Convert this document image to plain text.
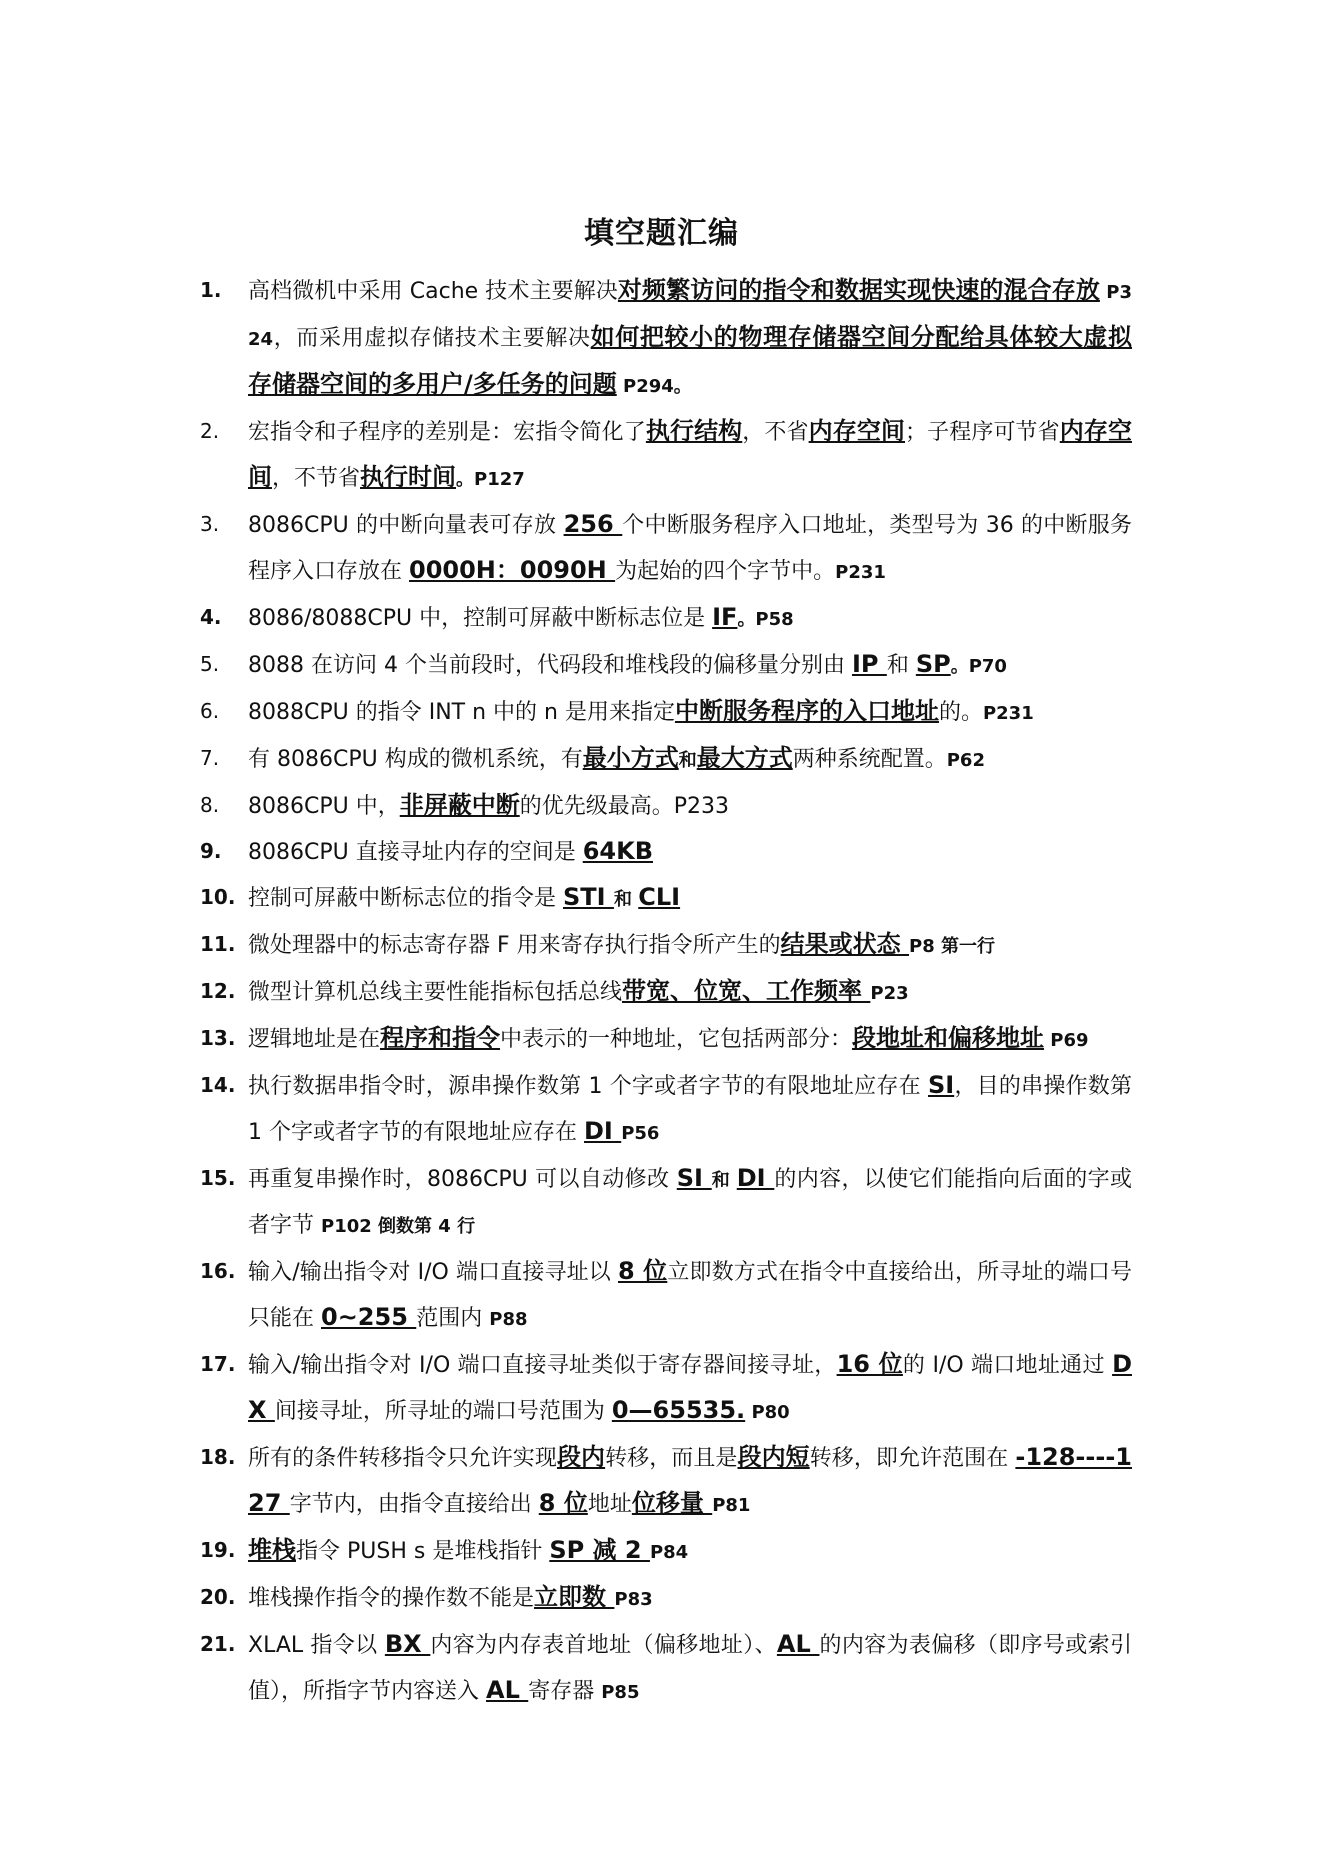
填空题汇编
1.	高档微机中采用 Cache 技术主要解决对频繁访问的指令和数据实现快速的混合存放 P324，而采用虚拟存储技术主要解决如何把较小的物理存储器空间分配给具体较大虚拟存储器空间的多用户/多任务的问题 P294。
2.	宏指令和子程序的差别是：宏指令简化了执行结构，不省内存空间；子程序可节省内存空间，不节省执行时间。P127
3.	8086CPU 的中断向量表可存放 256 个中断服务程序入口地址，类型号为 36 的中断服务程序入口存放在 0000H：0090H 为起始的四个字节中。P231
4.	8086/8088CPU 中，控制可屏蔽中断标志位是 IF。P58
5.	8088 在访问 4 个当前段时，代码段和堆栈段的偏移量分别由 IP 和 SP。P70
6.	8088CPU 的指令 INT n 中的 n 是用来指定中断服务程序的入口地址的。P231
7.	有 8086CPU 构成的微机系统，有最小方式和最大方式两种系统配置。P62
8.	8086CPU 中，非屏蔽中断的优先级最高。P233
9.	8086CPU 直接寻址内存的空间是 64KB
10. 控制可屏蔽中断标志位的指令是 STI 和 CLI
11. 微处理器中的标志寄存器 F 用来寄存执行指令所产生的结果或状态 P8 第一行
12. 微型计算机总线主要性能指标包括总线带宽、位宽、工作频率 P23
13. 逻辑地址是在程序和指令中表示的一种地址，它包括两部分：段地址和偏移地址 P69
14. 执行数据串指令时，源串操作数第 1 个字或者字节的有限地址应存在 SI，目的串操作数第 1 个字或者字节的有限地址应存在 DI P56
15. 再重复串操作时，8086CPU 可以自动修改 SI 和 DI 的内容，以使它们能指向后面的字或者字节 P102 倒数第 4 行
16. 输入/输出指令对 I/O 端口直接寻址以 8 位立即数方式在指令中直接给出，所寻址的端口号只能在 0~255 范围内 P88
17. 输入/输出指令对 I/O 端口直接寻址类似于寄存器间接寻址，16 位的 I/O 端口地址通过 DX 间接寻址，所寻址的端口号范围为 0—65535. P80
18. 所有的条件转移指令只允许实现段内转移，而且是段内短转移，即允许范围在 -128----127 字节内，由指令直接给出 8 位地址位移量 P81
19. 堆栈指令 PUSH s 是堆栈指针 SP 减 2 P84
20. 堆栈操作指令的操作数不能是立即数 P83
21. XLAL 指令以 BX 内容为内存表首地址（偏移地址）、AL 的内容为表偏移（即序号或索引值），所指字节内容送入 AL 寄存器 P85
